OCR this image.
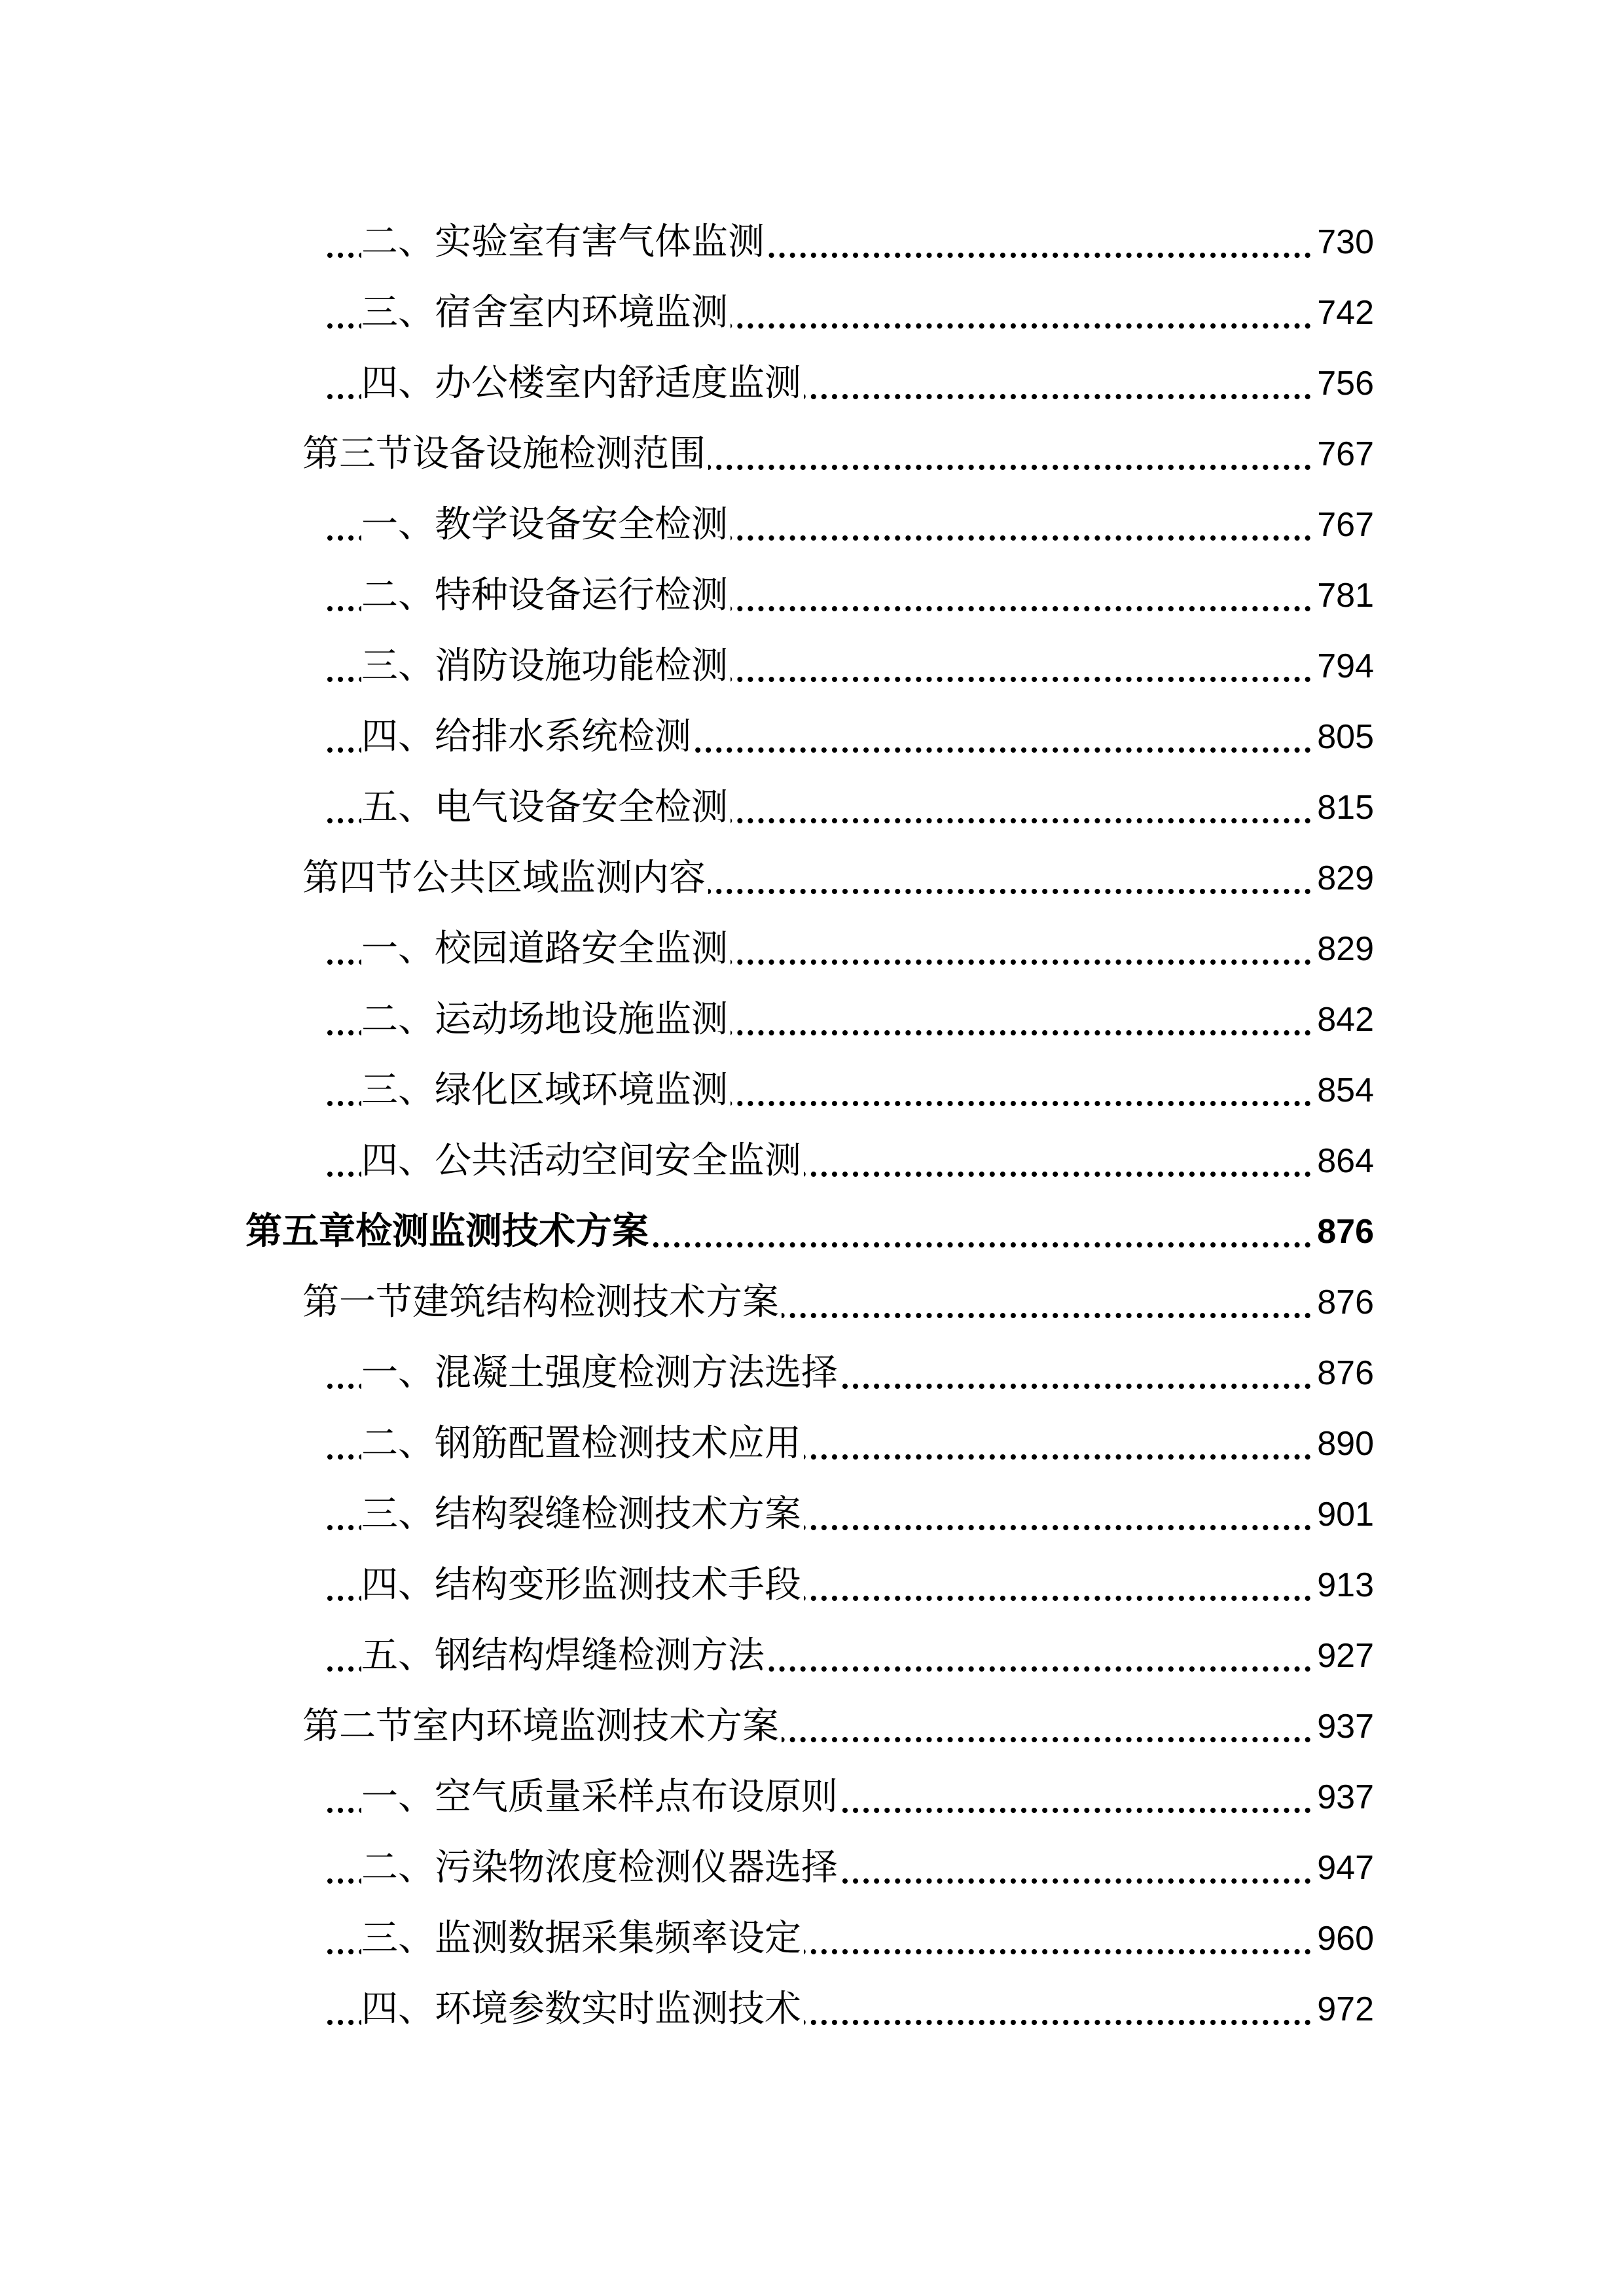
二、实验室有害气体监测	730
三、宿舍室内环境监测	742
四、办公楼室内舒适度监测	756
第三节设备设施检测范围	767
一、教学设备安全检测	767
二、特种设备运行检测	781
三、消防设施功能检测	794
四、给排水系统检测	805
五、电气设备安全检测	815
第四节公共区域监测内容	829
一、校园道路安全监测	829
二、运动场地设施监测	842
三、绿化区域环境监测	854
四、公共活动空间安全监测	864
第五章检测监测技术方案	876
第一节建筑结构检测技术方案	876
一、混凝土强度检测方法选择	876
二、钢筋配置检测技术应用	890
三、结构裂缝检测技术方案	901
四、结构变形监测技术手段	913
五、钢结构焊缝检测方法	927
第二节室内环境监测技术方案	937
一、空气质量采样点布设原则	937
二、污染物浓度检测仪器选择	947
三、监测数据采集频率设定	960
四、环境参数实时监测技术	972
